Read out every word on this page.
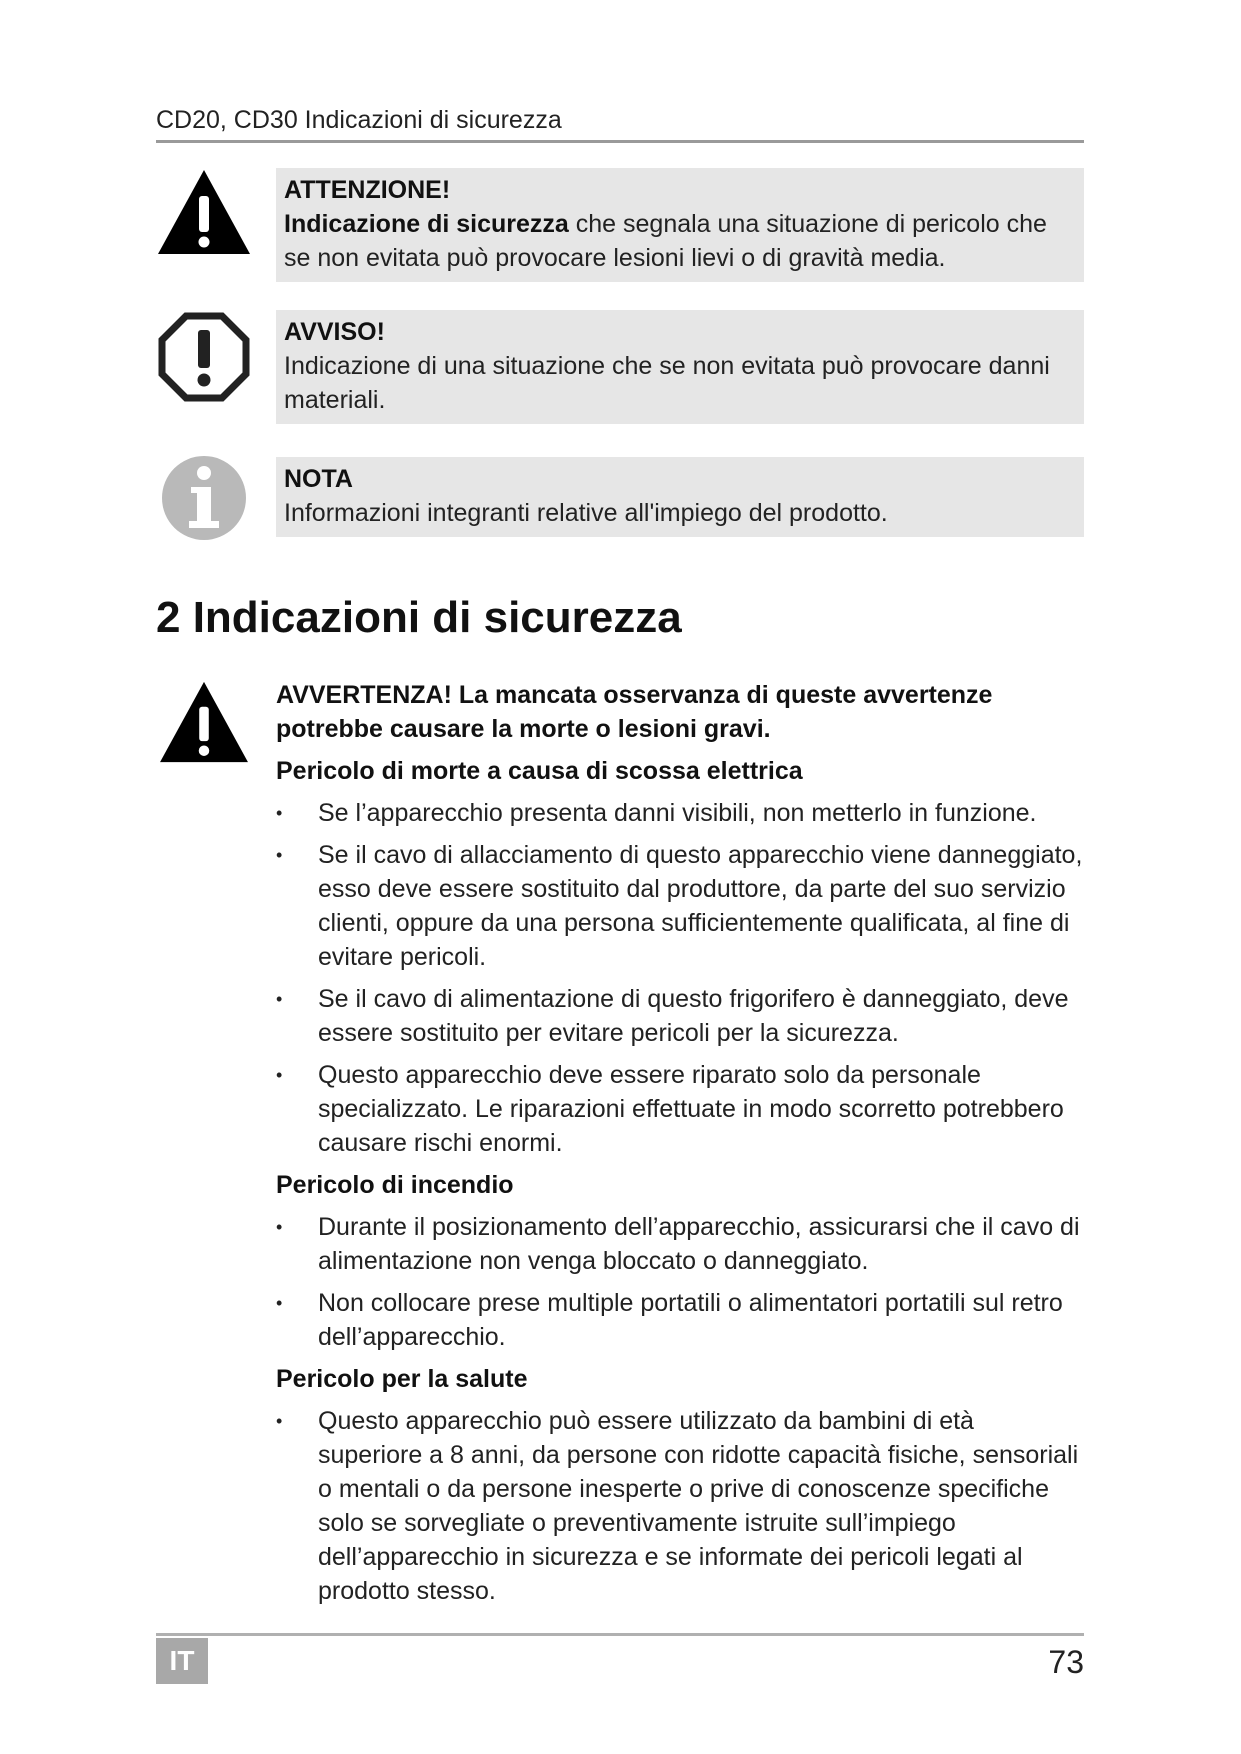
CD20, CD30 Indicazioni di sicurezza
ATTENZIONE!
Indicazione di sicurezza che segnala una situazione di pericolo che se non evitata può provocare lesioni lievi o di gravità media.
AVVISO!
Indicazione di una situazione che se non evitata può provocare danni materiali.
NOTA
Informazioni integranti relative all'impiego del prodotto.
2 Indicazioni di sicurezza
AVVERTENZA! La mancata osservanza di queste avvertenze potrebbe causare la morte o lesioni gravi.
Pericolo di morte a causa di scossa elettrica
• Se l’apparecchio presenta danni visibili, non metterlo in funzione.
• Se il cavo di allacciamento di questo apparecchio viene danneggiato, esso deve essere sostituito dal produttore, da parte del suo servizio clienti, oppure da una persona sufficientemente qualificata, al fine di evitare pericoli.
• Se il cavo di alimentazione di questo frigorifero è danneggiato, deve essere sostituito per evitare pericoli per la sicurezza.
• Questo apparecchio deve essere riparato solo da personale specializzato. Le riparazioni effettuate in modo scorretto potrebbero causare rischi enormi.
Pericolo di incendio
• Durante il posizionamento dell’apparecchio, assicurarsi che il cavo di alimentazione non venga bloccato o danneggiato.
• Non collocare prese multiple portatili o alimentatori portatili sul retro dell’apparecchio.
Pericolo per la salute
• Questo apparecchio può essere utilizzato da bambini di età superiore a 8 anni, da persone con ridotte capacità fisiche, sensoriali o mentali o da persone inesperte o prive di conoscenze specifiche solo se sorvegliate o preventivamente istruite sull’impiego dell’apparecchio in sicurezza e se informate dei pericoli legati al prodotto stesso.
IT	73
